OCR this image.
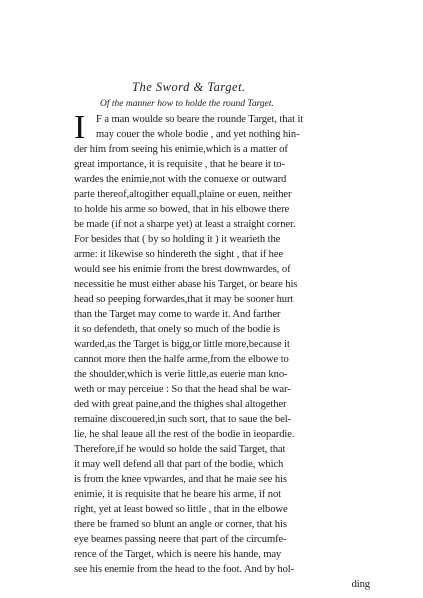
The Sword & Target.
Of the manner how to holde the round Target.
I	F a man woulde so beare the rounde Target, that it
may couer the whole bodie , and yet nothing hin-
der him from seeing his enimie,which is a matter of
great importance, it is requisite , that he beare it to-
wardes the enimie,not with the conuexe or outward
parte thereof,altogither equall,plaine or euen, neither
to holde his arme so bowed, that in his elbowe there
be made (if not a sharpe yet) at least a straight corner.
For besides that ( by so holding it ) it wearieth the
arme: it likewise so hindereth the sight , that if hee
would see his enimie from the brest downwardes, of
necessitie he must either abase his Target, or beare his
head so peeping forwardes,that it may be sooner hurt
than the Target may come to warde it. And farther
it so defendeth, that onely so much of the bodie is
warded,as the Target is bigg,or little more,because it
cannot more then the halfe arme,from the elbowe to
the shoulder,which is verie little,as euerie man kno-
weth or may perceiue : So that the head shal be war-
ded with great paine,and the thighes shal altogether
remaine discouered,in such sort, that to saue the bel-
lie, he shal leaue all the rest of the bodie in ieopardie.
Therefore,if he would so holde the said Target, that
it may well defend all that part of the bodie, which
is from the knee vpwardes, and that he maie see his
enimie, it is requisite that he beare his arme, if not
right, yet at least bowed so little , that in the elbowe
there be framed so blunt an angle or corner, that his
eye beames passing neere that part of the circumfe-
rence of the Target, which is neere his hande, may
see his enemie from the head to the foot. And by hol-
ding
